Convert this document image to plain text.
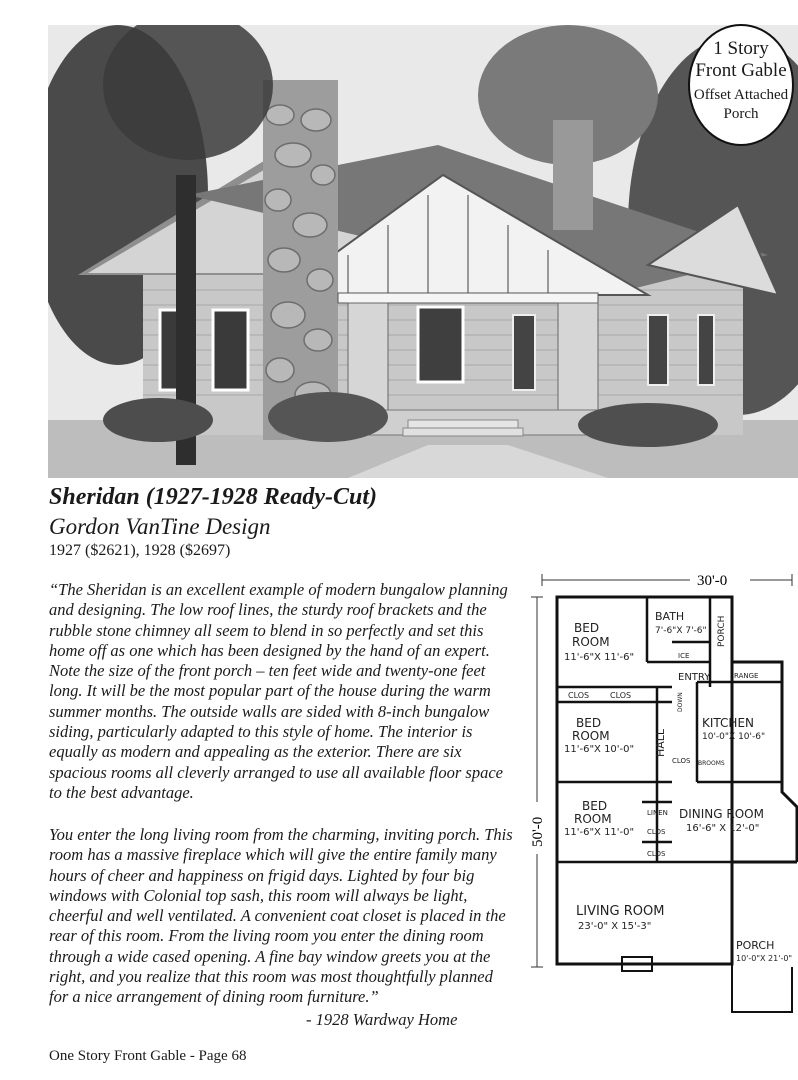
1 Story
Front Gable
Offset Attached
Porch
Sheridan (1927-1928 Ready-Cut)
Gordon VanTine Design
1927 ($2621), 1928 ($2697)
“The Sheridan is an excellent example of modern bungalow planning and designing. The low roof lines, the sturdy roof brackets and the rubble stone chimney all seem to blend in so perfectly and set this home off as one which has been designed by the hand of an expert. Note the size of the front porch – ten feet wide and twenty-one feet long. It will be the most popular part of the house during the warm summer months. The outside walls are sided with 8-inch bungalow siding, particularly adapted to this style of home. The interior is equally as modern and appealing as the exterior. There are six spacious rooms all cleverly arranged to use all available floor space to the best advantage.
You enter the long living room from the charming, inviting porch. This room has a massive fireplace which will give the entire family many hours of cheer and happiness on frigid days. Lighted by four big windows with Colonial top sash, this room will always be light, cheerful and well ventilated. A convenient coat closet is placed in the rear of this room. From the living room you enter the dining room through a wide cased opening. A fine bay window greets you at the right, and you realize that this room was most thoughtfully planned for a nice arrangement of dining room furniture.”
- 1928 Wardway Home
30'-0
50'-0
BED
ROOM
11'-6"X 11'-6"
BATH
7'-6"X 7'-6" PORCH
ICE
RANGE
ENTRY
CLOS	CLOS	DOWN
BED
ROOM
11'-6"X 10'-0" HALL
KITCHEN
10'-0"X 10'-6"
CLOS BROOMS
BED
ROOM
11'-6"X 11'-0"
LINEN
CLOS
CLOS
DINING ROOM
16'-6" X 12'-0"
LIVING ROOM
23'-0" X 15'-3"
PORCH
10'-0"X 21'-0"
One Story Front Gable - Page 68
